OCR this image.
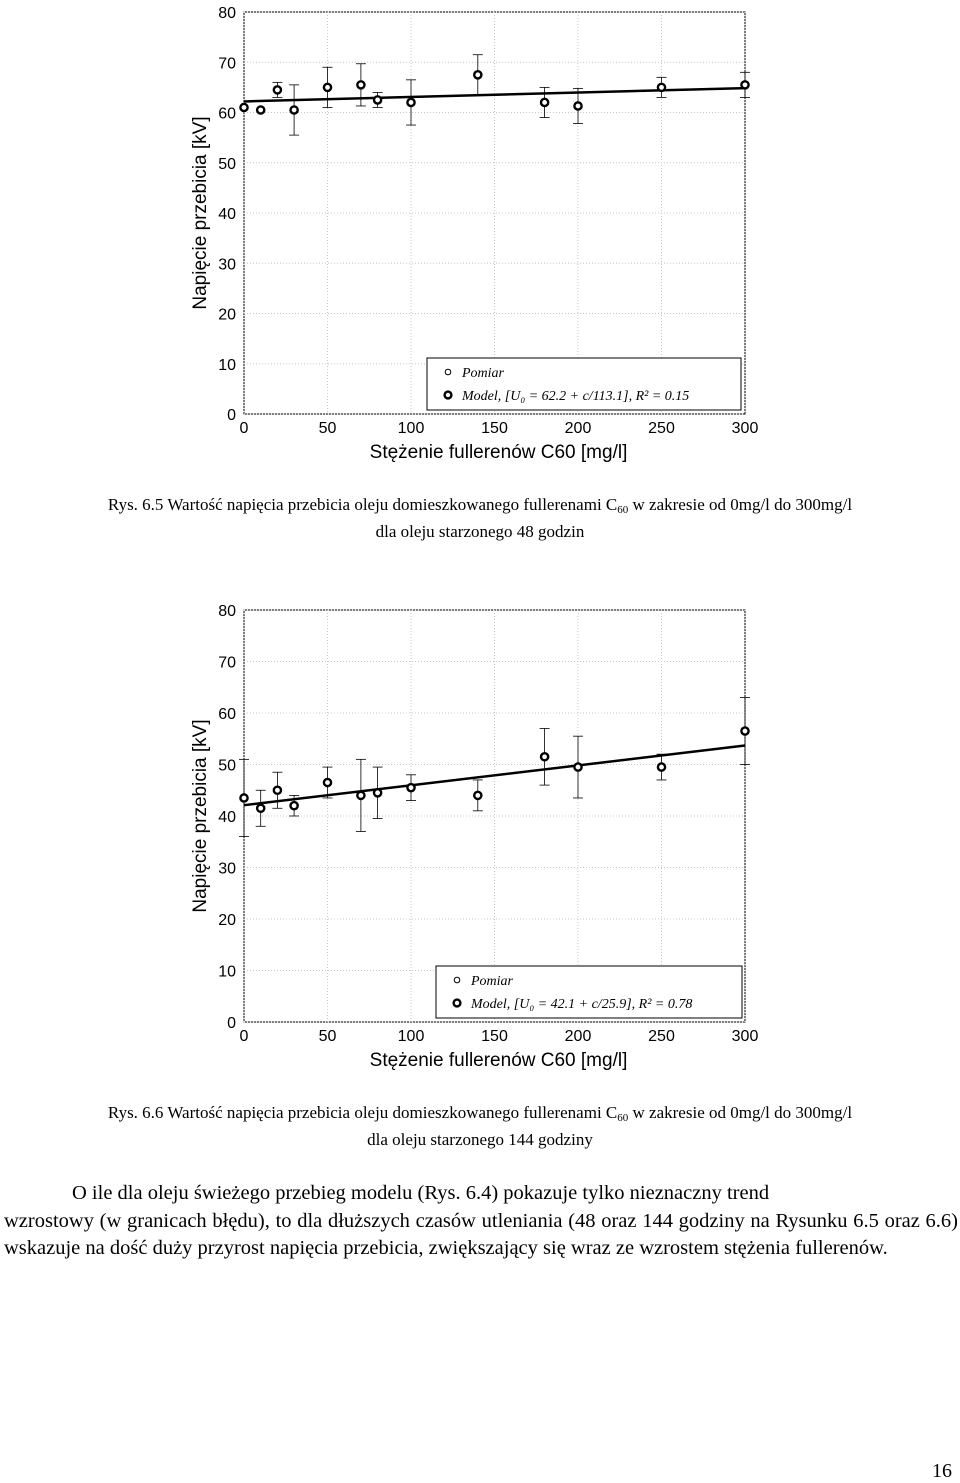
0	50	100	150	200	250	300
0
10
20
30
40
50
60
70
80
Stężenie fullerenów C60 [mg/l]
Napięcie przebicia [kV]
Pomiar
Model, [U₀ = 62.2 + c/113.1], R² = 0.15
Rys. 6.5 Wartość napięcia przebicia oleju domieszkowanego fullerenami $C_{60}$ w zakresie od 0mg/l do 300mg/l
dla oleju starzonego 48 godzin
0	50	100	150	200	250	300
0
10
20
30
40
50
60
70
80
Stężenie fullerenów C60 [mg/l]
Napięcie przebicia [kV]
Pomiar
Model, [U₀ = 42.1 + c/25.9], R² = 0.78
Rys. 6.6 Wartość napięcia przebicia oleju domieszkowanego fullerenami $C_{60}$ w zakresie od 0mg/l do 300mg/l
dla oleju starzonego 144 godziny
O ile dla oleju świeżego przebieg modelu (Rys. 6.4) pokazuje tylko nieznaczny trend
wzrostowy (w granicach błędu), to dla dłuższych czasów utleniania (48 oraz 144 godziny na Rysunku 6.5 oraz 6.6) wskazuje na dość duży przyrost napięcia przebicia, zwiększający się wraz ze wzrostem stężenia fullerenów.
16
